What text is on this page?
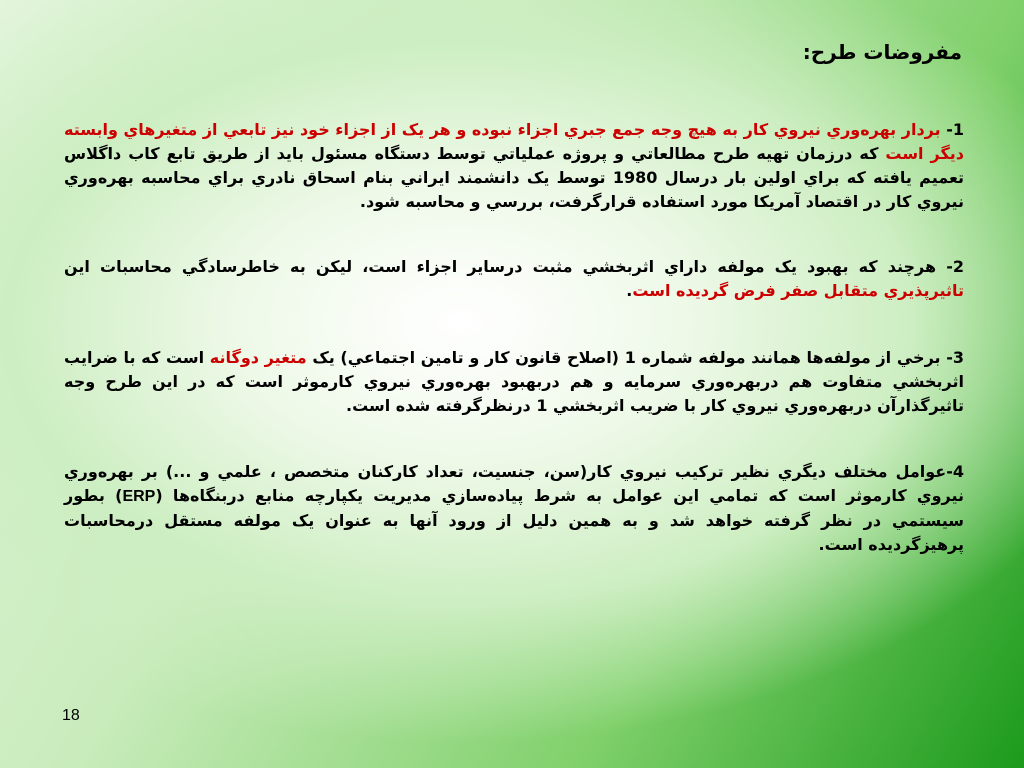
مفروضات طرح:

1- بردار بهره‌وري نيروي كار به هيچ وجه جمع جبري اجزاء نبوده و هر يک از اجزاء خود نيز تابعي از متغيرهاي وابسته ديگر است كه درزمان تهيه طرح مطالعاتي و پروژه عملياتي توسط دستگاه مسئول بايد از طريق تابع كاب داگلاس تعميم يافته كه براي اولين بار درسال 1980 توسط يک دانشمند ايراني بنام اسحاق نادري براي محاسبه بهره‌وري نيروي كار در اقتصاد آمريكا مورد استفاده قرارگرفت، بررسي و محاسبه شود.

2- هرچند كه بهبود يک مولفه داراي اثربخشي مثبت درساير اجزاء است، ليكن به خاطرسادگي محاسبات اين تاثيرپذيري متقابل صفر فرض گرديده است.

3- برخي از مولفه‌ها همانند مولفه شماره 1 (اصلاح قانون كار و تامين اجتماعي) يک متغير دوگانه است كه با ضرايب اثربخشي متفاوت هم دربهره‌وري سرمايه و هم دربهبود بهره‌وري نيروي كارموثر است كه در اين طرح وجه تاثيرگذارآن دربهره‌وري نيروي كار با ضريب اثربخشي 1 درنظرگرفته شده است.

4-عوامل مختلف ديگري نظير تركيب نيروي كار(سن، جنسيت، تعداد كاركنان متخصص ، علمي و ...) بر بهره‌وري نيروي كارموثر است كه تمامي اين عوامل به شرط پياده‌سازي مديريت يكپارچه منابع دربنگاه‌ها (ERP) بطور سيستمي در نظر گرفته خواهد شد و به همين دليل از ورود آنها به عنوان يک مولفه مستقل درمحاسبات پرهيزگرديده است.

18
